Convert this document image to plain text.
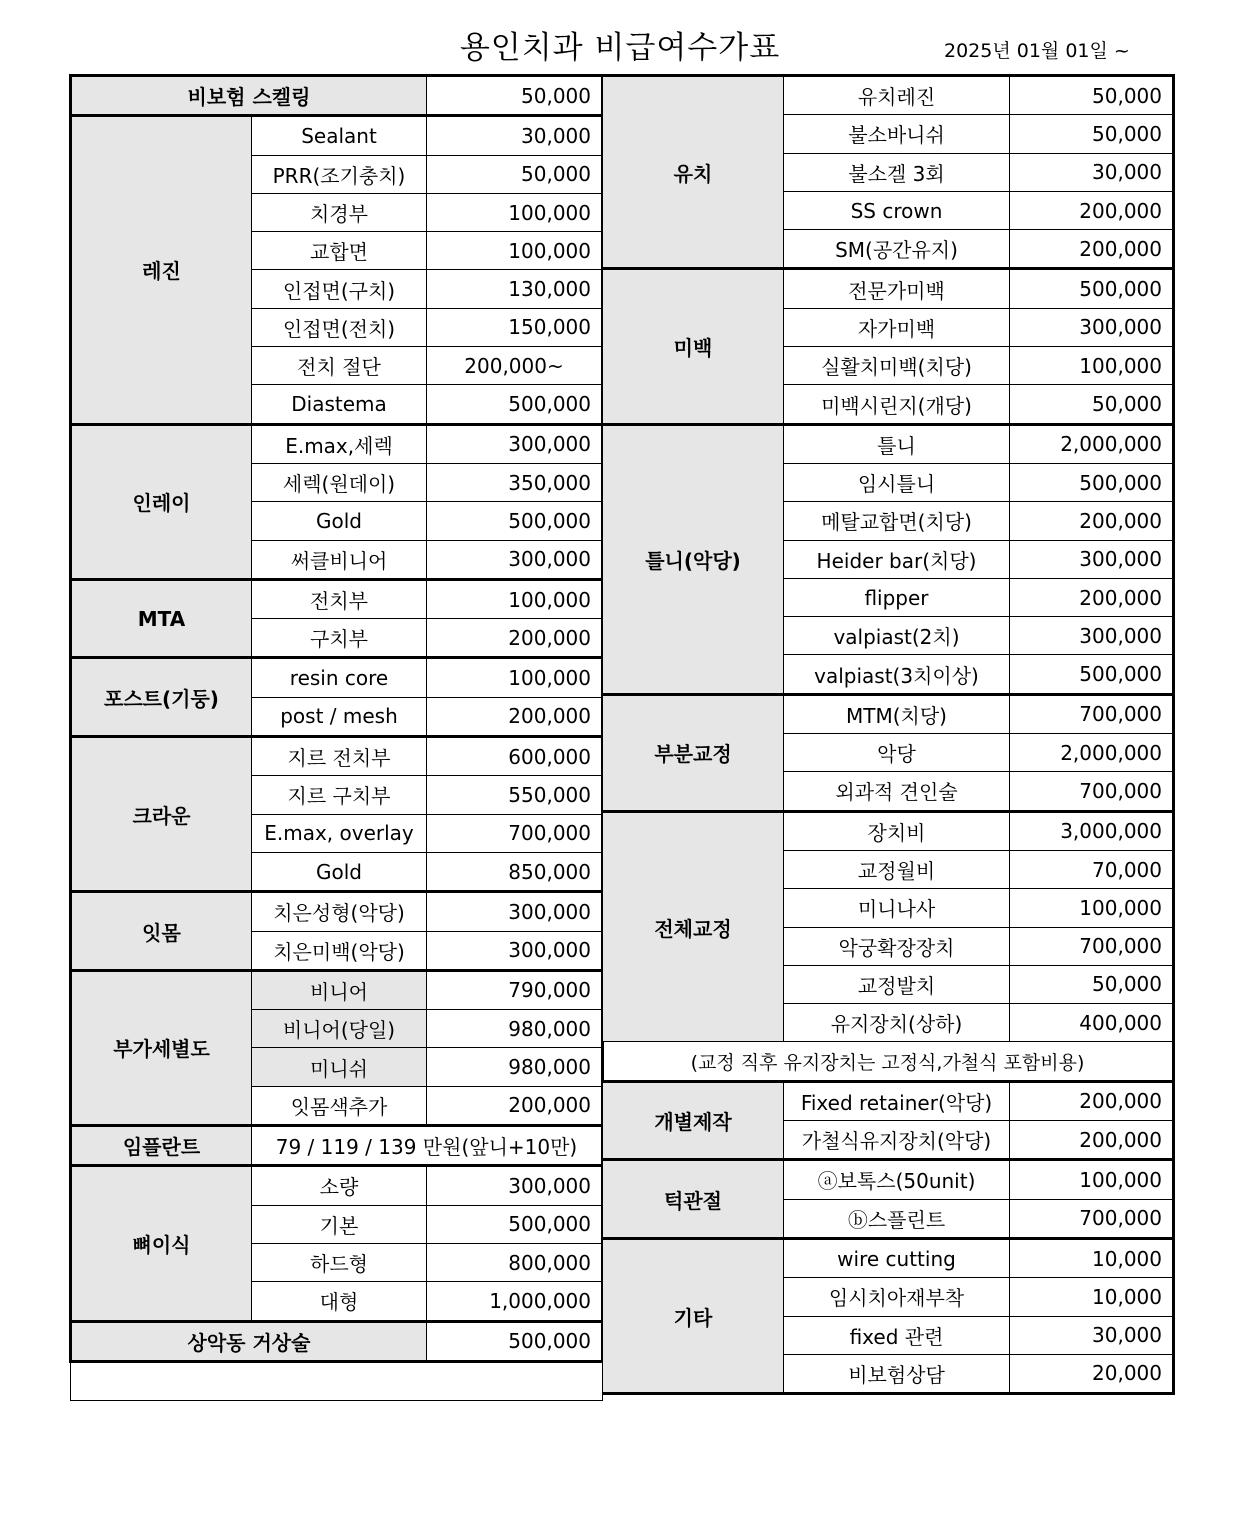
용인치과 비급여수가표	2025년 01월 01일 ~
비보험 스켈링		50,000
레진	Sealant	30,000
	PRR(조기충치)	50,000
	치경부	100,000
	교합면	100,000
	인접면(구치)	130,000
	인접면(전치)	150,000
	전치 절단	200,000~
	Diastema	500,000
인레이	E.max,세렉	300,000
	세렉(원데이)	350,000
	Gold	500,000
	써클비니어	300,000
MTA	전치부	100,000
	구치부	200,000
포스트(기둥)	resin core	100,000
	post / mesh	200,000
크라운	지르 전치부	600,000
	지르 구치부	550,000
	E.max, overlay	700,000
	Gold	850,000
잇몸	치은성형(악당)	300,000
	치은미백(악당)	300,000
부가세별도	비니어	790,000
	비니어(당일)	980,000
	미니쉬	980,000
	잇몸색추가	200,000
임플란트	79 / 119 / 139 만원(앞니+10만)	
뼈이식	소량	300,000
	기본	500,000
	하드형	800,000
	대형	1,000,000
상악동 거상술		500,000

유치	유치레진	50,000
	불소바니쉬	50,000
	불소겔 3회	30,000
	SS crown	200,000
	SM(공간유지)	200,000
미백	전문가미백	500,000
	자가미백	300,000
	실활치미백(치당)	100,000
	미백시린지(개당)	50,000
틀니(악당)	틀니	2,000,000
	임시틀니	500,000
	메탈교합면(치당)	200,000
	Heider bar(치당)	300,000
	flipper	200,000
	valpiast(2치)	300,000
	valpiast(3치이상)	500,000
부분교정	MTM(치당)	700,000
	악당	2,000,000
	외과적 견인술	700,000
전체교정	장치비	3,000,000
	교정월비	70,000
	미니나사	100,000
	악궁확장장치	700,000
	교정발치	50,000
	유지장치(상하)	400,000
(교정 직후 유지장치는 고정식,가철식 포함비용)		
개별제작	Fixed retainer(악당)	200,000
	가철식유지장치(악당)	200,000
턱관절	ⓐ보톡스(50unit)	100,000
	ⓑ스플린트	700,000
기타	wire cutting	10,000
	임시치아재부착	10,000
	fixed 관련	30,000
	비보험상담	20,000
